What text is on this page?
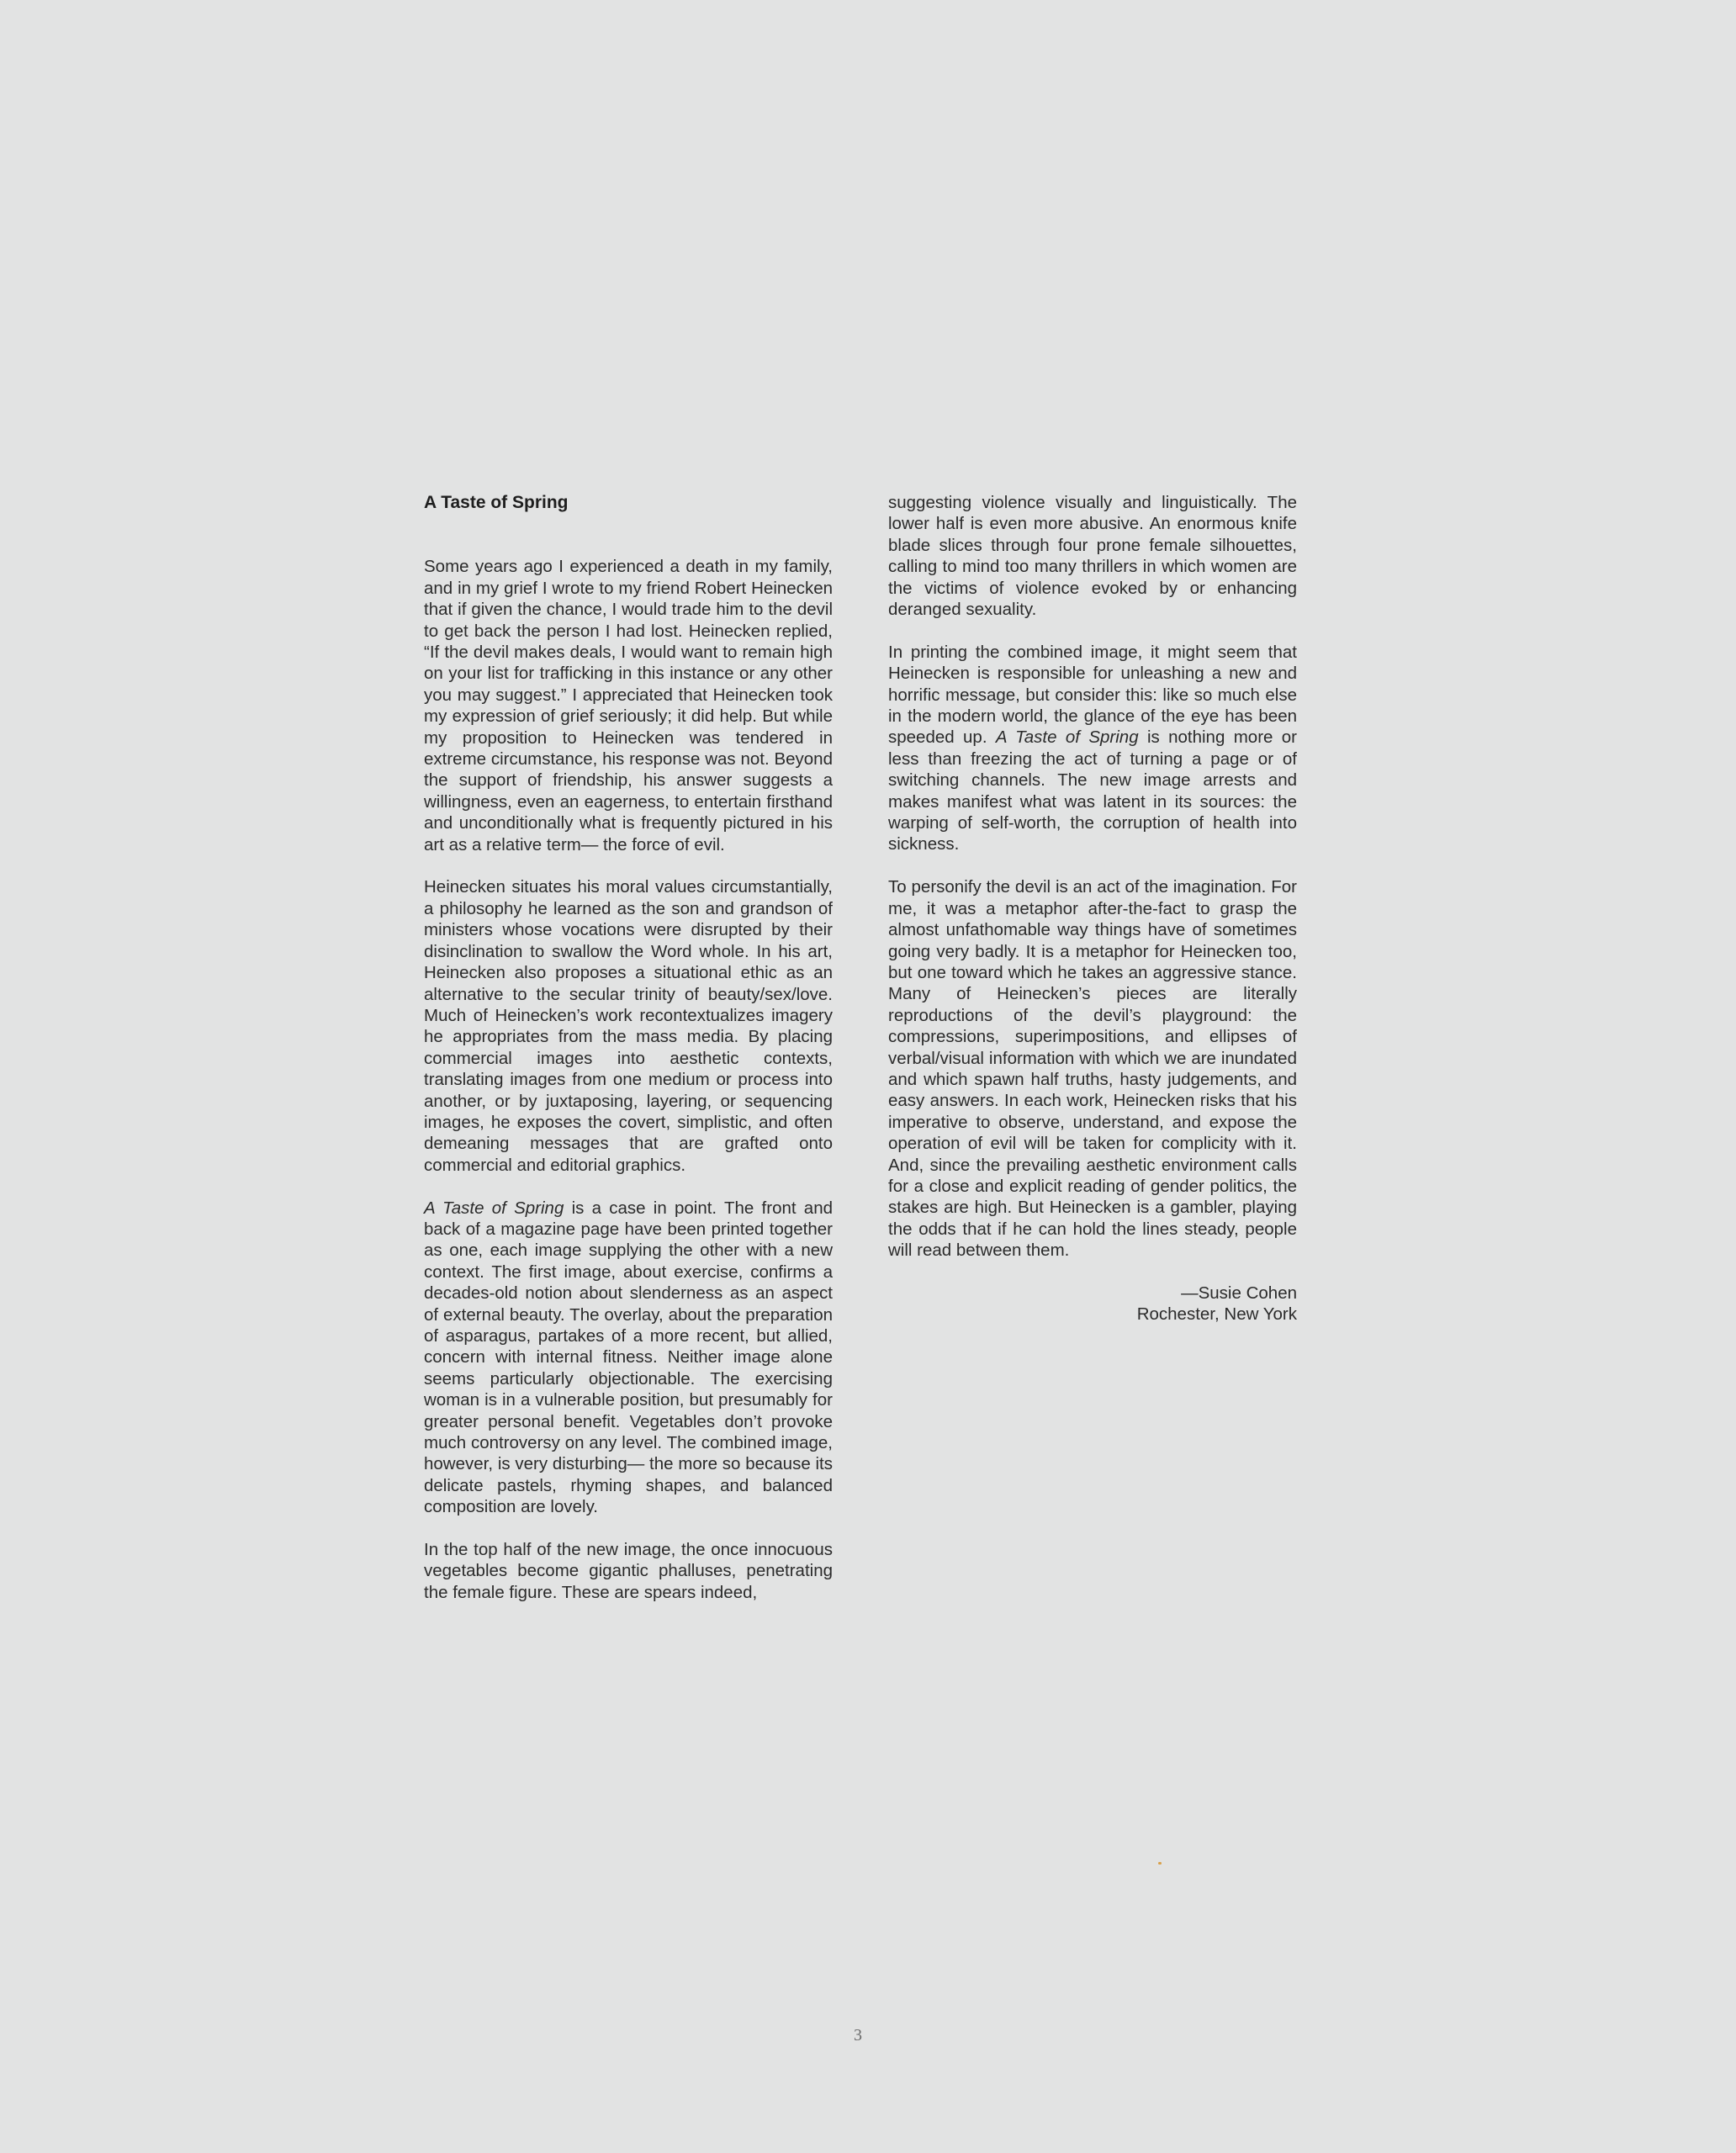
A Taste of Spring

Some years ago I experienced a death in my family, and in my grief I wrote to my friend Robert Heinecken that if given the chance, I would trade him to the devil to get back the person I had lost. Heinecken replied, “If the devil makes deals, I would want to remain high on your list for trafficking in this instance or any other you may suggest.” I appreciated that Heinecken took my expression of grief seriously; it did help. But while my proposition to Heinecken was tendered in extreme circumstance, his response was not. Beyond the support of friendship, his answer suggests a willingness, even an eagerness, to entertain firsthand and unconditionally what is frequently pictured in his art as a relative term— the force of evil.

Heinecken situates his moral values circumstantially, a philosophy he learned as the son and grandson of ministers whose vocations were disrupted by their disinclination to swallow the Word whole. In his art, Heinecken also proposes a situational ethic as an alternative to the secular trinity of beauty/sex/love. Much of Heinecken’s work recontextualizes imagery he appropriates from the mass media. By placing commercial images into aesthetic contexts, translating images from one medium or process into another, or by juxtaposing, layering, or sequencing images, he exposes the covert, simplistic, and often demeaning messages that are grafted onto commercial and editorial graphics.

A Taste of Spring is a case in point. The front and back of a magazine page have been printed together as one, each image supplying the other with a new context. The first image, about exercise, confirms a decades-old notion about slenderness as an aspect of external beauty. The overlay, about the preparation of asparagus, partakes of a more recent, but allied, concern with internal fitness. Neither image alone seems particularly objectionable. The exercising woman is in a vulnerable position, but presumably for greater personal benefit. Vegetables don’t provoke much controversy on any level. The combined image, however, is very disturbing— the more so because its delicate pastels, rhyming shapes, and balanced composition are lovely.

In the top half of the new image, the once innocuous vegetables become gigantic phalluses, penetrating the female figure. These are spears indeed,

suggesting violence visually and linguistically. The lower half is even more abusive. An enormous knife blade slices through four prone female silhouettes, calling to mind too many thrillers in which women are the victims of violence evoked by or enhancing deranged sexuality.

In printing the combined image, it might seem that Heinecken is responsible for unleashing a new and horrific message, but consider this: like so much else in the modern world, the glance of the eye has been speeded up. A Taste of Spring is nothing more or less than freezing the act of turning a page or of switching channels. The new image arrests and makes manifest what was latent in its sources: the warping of self-worth, the corruption of health into sickness.

To personify the devil is an act of the imagination. For me, it was a metaphor after-the-fact to grasp the almost unfathomable way things have of sometimes going very badly. It is a metaphor for Heinecken too, but one toward which he takes an aggressive stance. Many of Heinecken’s pieces are literally reproductions of the devil’s playground: the compressions, superimpositions, and ellipses of verbal/visual information with which we are inundated and which spawn half truths, hasty judgements, and easy answers. In each work, Heinecken risks that his imperative to observe, understand, and expose the operation of evil will be taken for complicity with it. And, since the prevailing aesthetic environment calls for a close and explicit reading of gender politics, the stakes are high. But Heinecken is a gambler, playing the odds that if he can hold the lines steady, people will read between them.

—Susie Cohen

Rochester, New York

3
